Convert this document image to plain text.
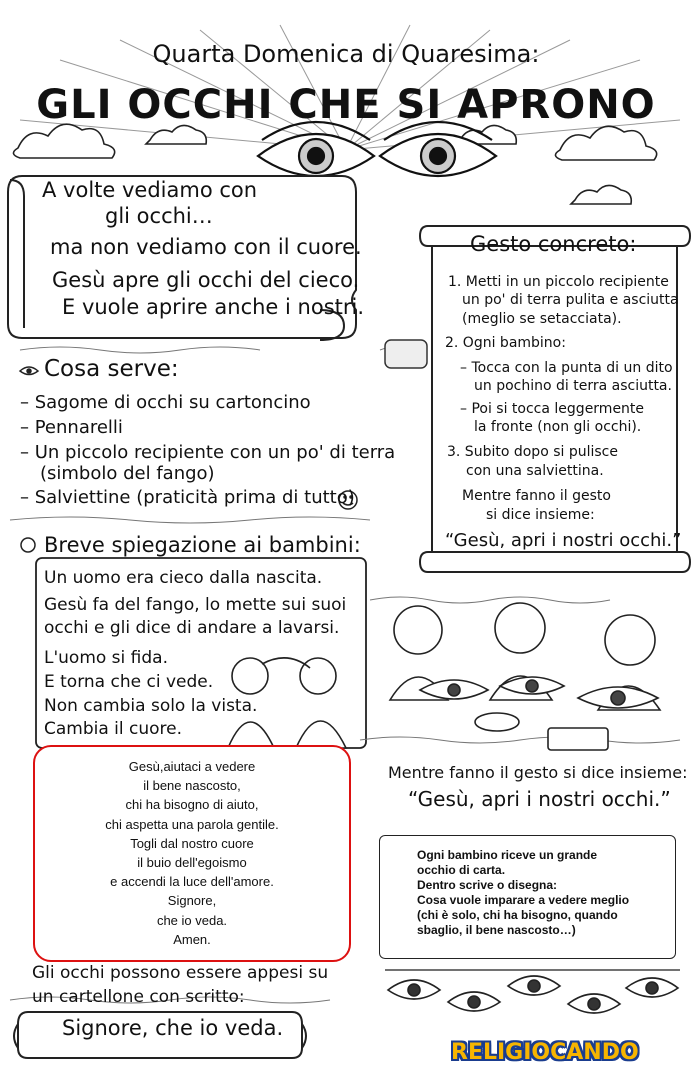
Quarta Domenica di Quaresima:
GLI OCCHI CHE SI APRONO
A volte vediamo con
gli occhi…
ma non vediamo con il cuore.
Gesù apre gli occhi del cieco.
E vuole aprire anche i nostri.
Cosa serve:
– Sagome di occhi su cartoncino
– Pennarelli
– Un piccolo recipiente con un po' di terra
(simbolo del fango)
– Salviettine (praticità prima di tutto)
Breve spiegazione ai bambini:
Un uomo era cieco dalla nascita.
Gesù fa del fango, lo mette sui suoi
occhi e gli dice di andare a lavarsi.
L'uomo si fida.
E torna che ci vede.
Non cambia solo la vista.
Cambia il cuore.
Gesto concreto:
1. Metti in un piccolo recipiente
un po' di terra pulita e asciutta
(meglio se setacciata).
2. Ogni bambino:
– Tocca con la punta di un dito
un pochino di terra asciutta.
– Poi si tocca leggermente
la fronte (non gli occhi).
3. Subito dopo si pulisce
con una salviettina.
Mentre fanno il gesto
si dice insieme:
“Gesù, apri i nostri occhi.”
Gesù,aiutaci a vedere
il bene nascosto,
chi ha bisogno di aiuto,
chi aspetta una parola gentile.
Togli dal nostro cuore
il buio dell'egoismo
e accendi la luce dell'amore.
Signore,
che io veda.
Amen.
Mentre fanno il gesto si dice insieme:
“Gesù, apri i nostri occhi.”
Ogni bambino riceve un grande
occhio di carta.
Dentro scrive o disegna:
Cosa vuole imparare a vedere meglio
(chi è solo, chi ha bisogno, quando
sbaglio, il bene nascosto…)
Gli occhi possono essere appesi su
un cartellone con scritto:
Signore, che io veda.
RELIGIOCANDO
